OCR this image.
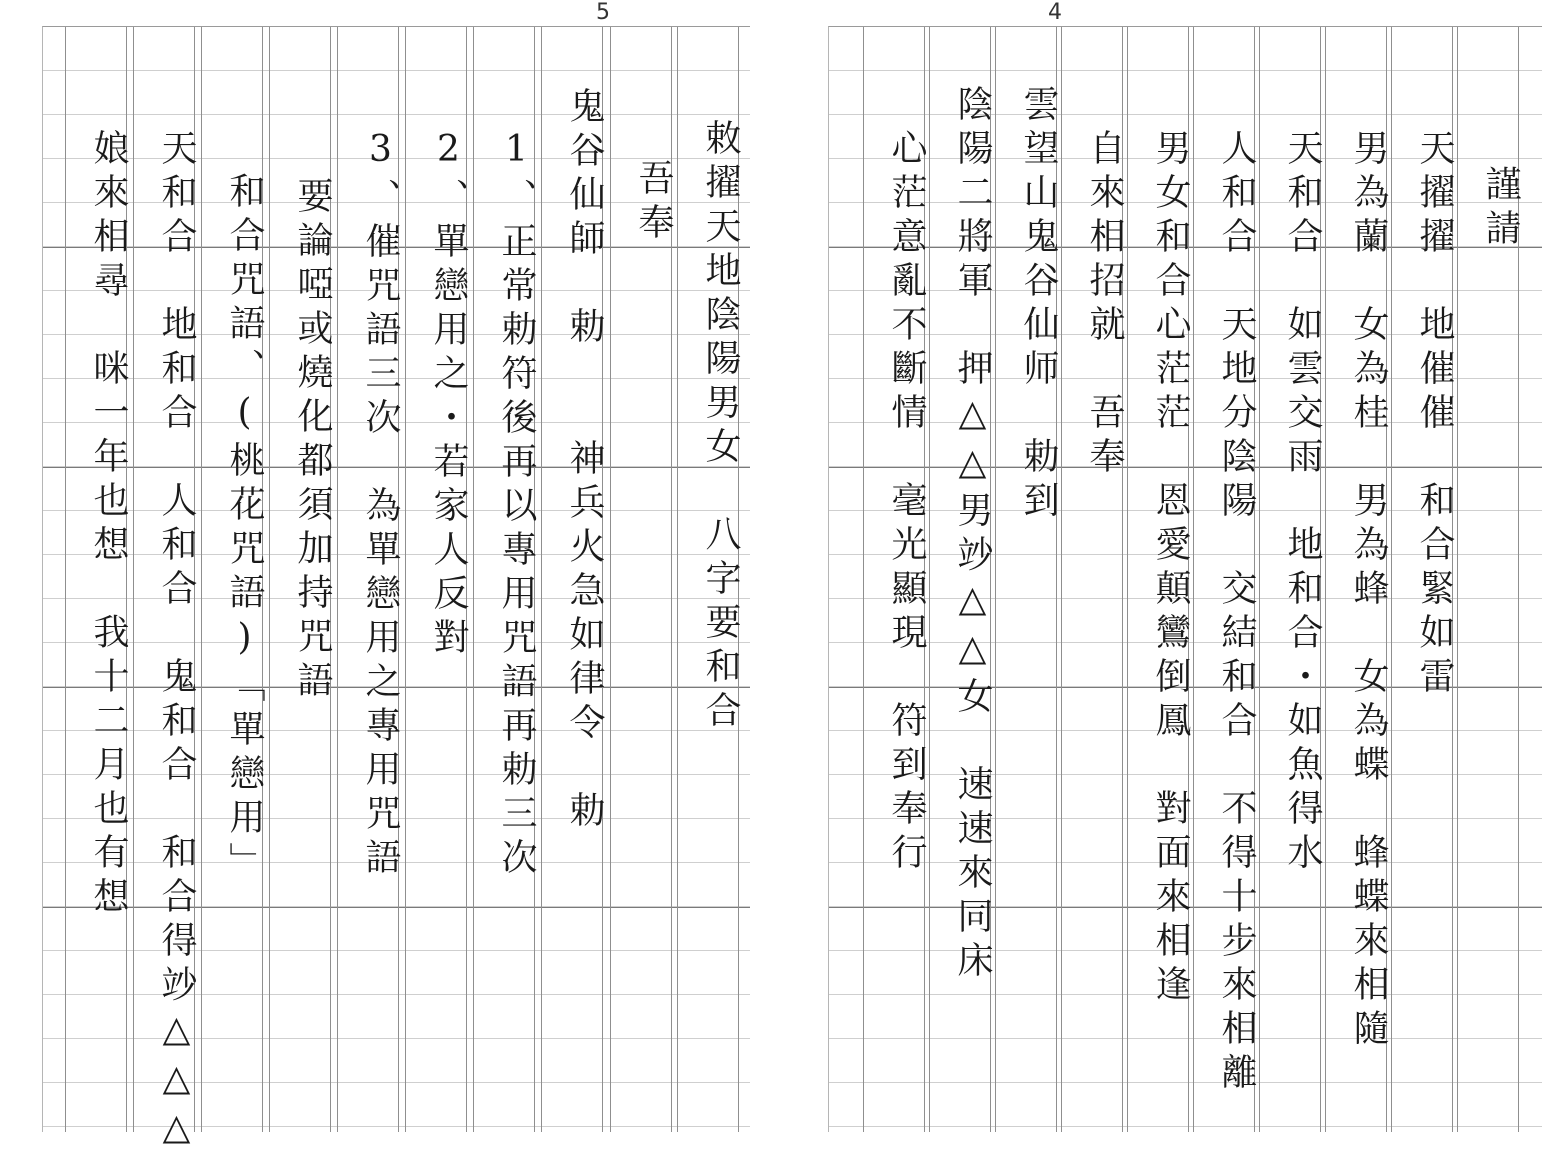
5
敕擢天地陰陽男女　八字要和合
吾奉
鬼谷仙師　勅　　神兵火急如律令　勅
1、正常勅符後再以專用咒語再勅三次
2、單戀用之・若家人反對
3、催咒語三次　為單戀用之專用咒語
要論啞或燒化都須加持咒語
和合咒語、(桃花咒語)「單戀用」
天和合　地和合　人和合　鬼和合　和合得竗△△△
娘來相尋　咪一年也想　我十二月也有想
4
謹請
天擢擢　地催催　和合緊如雷
男為蘭　女為桂　男為蜂　女為蝶　蜂蝶來相隨
天和合　如雲交雨　地和合・如魚得水
人和合　天地分陰陽　交結和合　不得十步來相離
男女和合心茫茫　恩愛顛鸞倒鳳　對面來相逢
自來相招就　吾奉
雲望山鬼谷仙师　勅到
陰陽二將軍　押△△男竗△△女　速速來同床
心茫意亂不斷情　毫光顯現　符到奉行
